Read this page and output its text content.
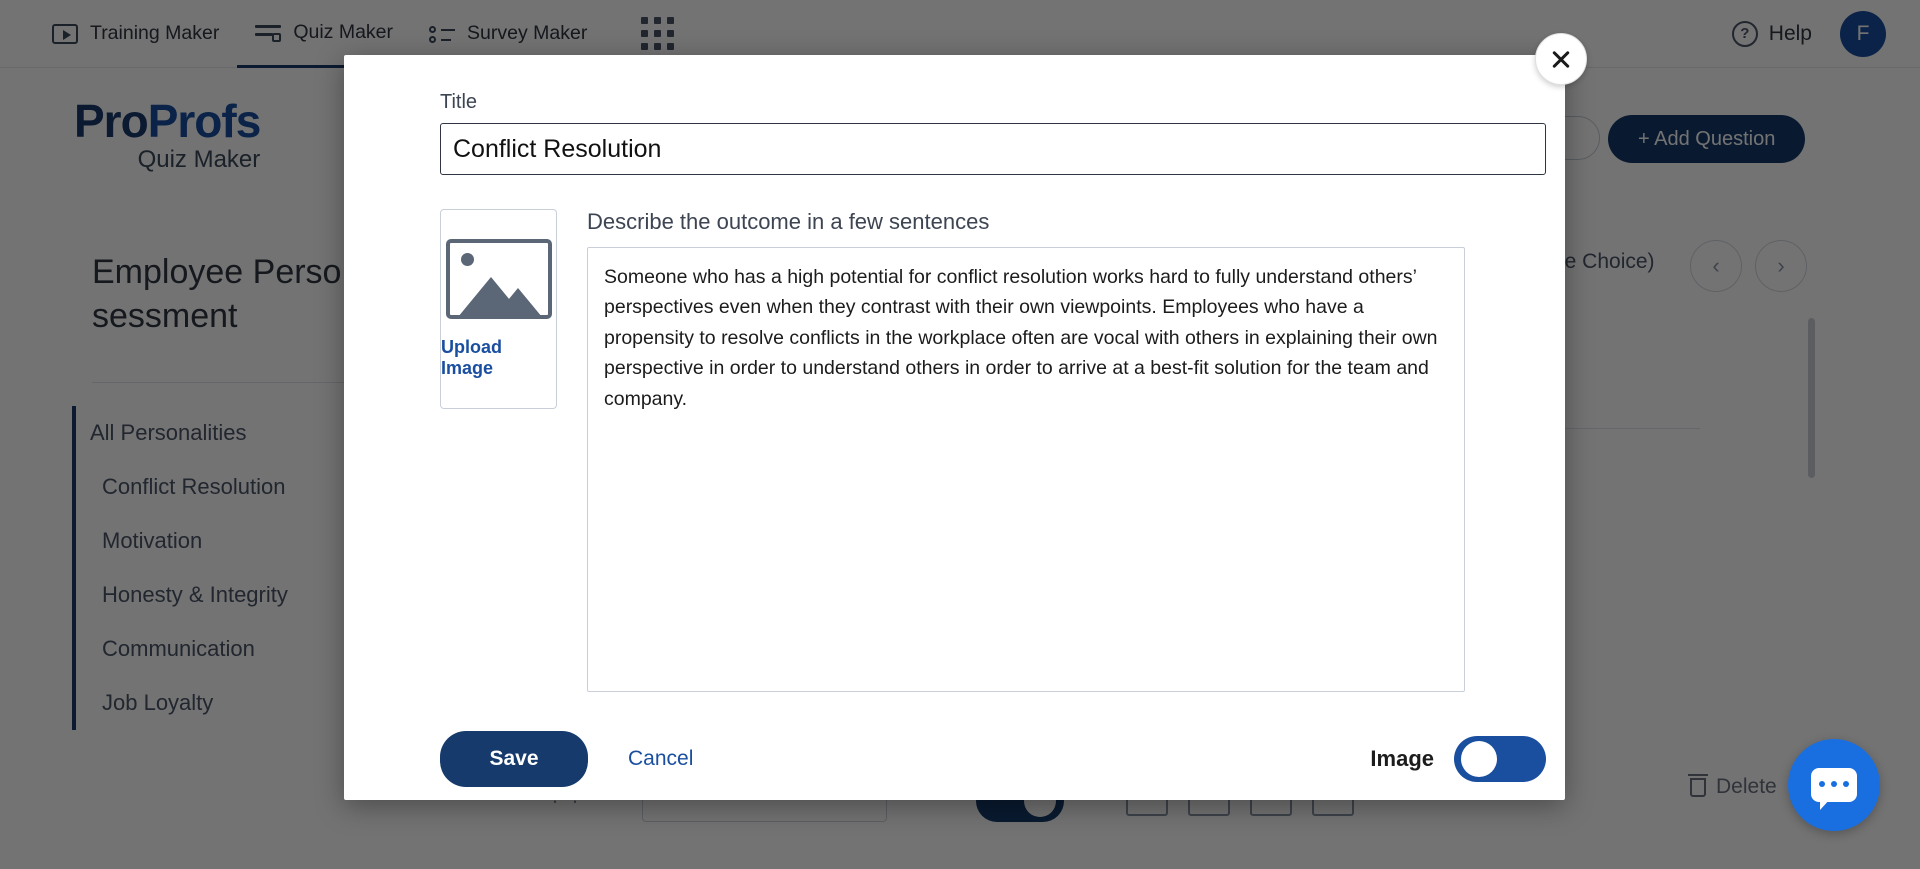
Title
Conflict Resolution
Upload Image
Describe the outcome in a few sentences
Someone who has a high potential for conflict resolution works hard to fully understand others’ perspectives even when they contrast with their own viewpoints. Employees who have a propensity to resolve conflicts in the workplace often are vocal with others in explaining their own perspective in order to understand others in order to arrive at a best-fit solution for the team and company.
Save	Cancel	Image
